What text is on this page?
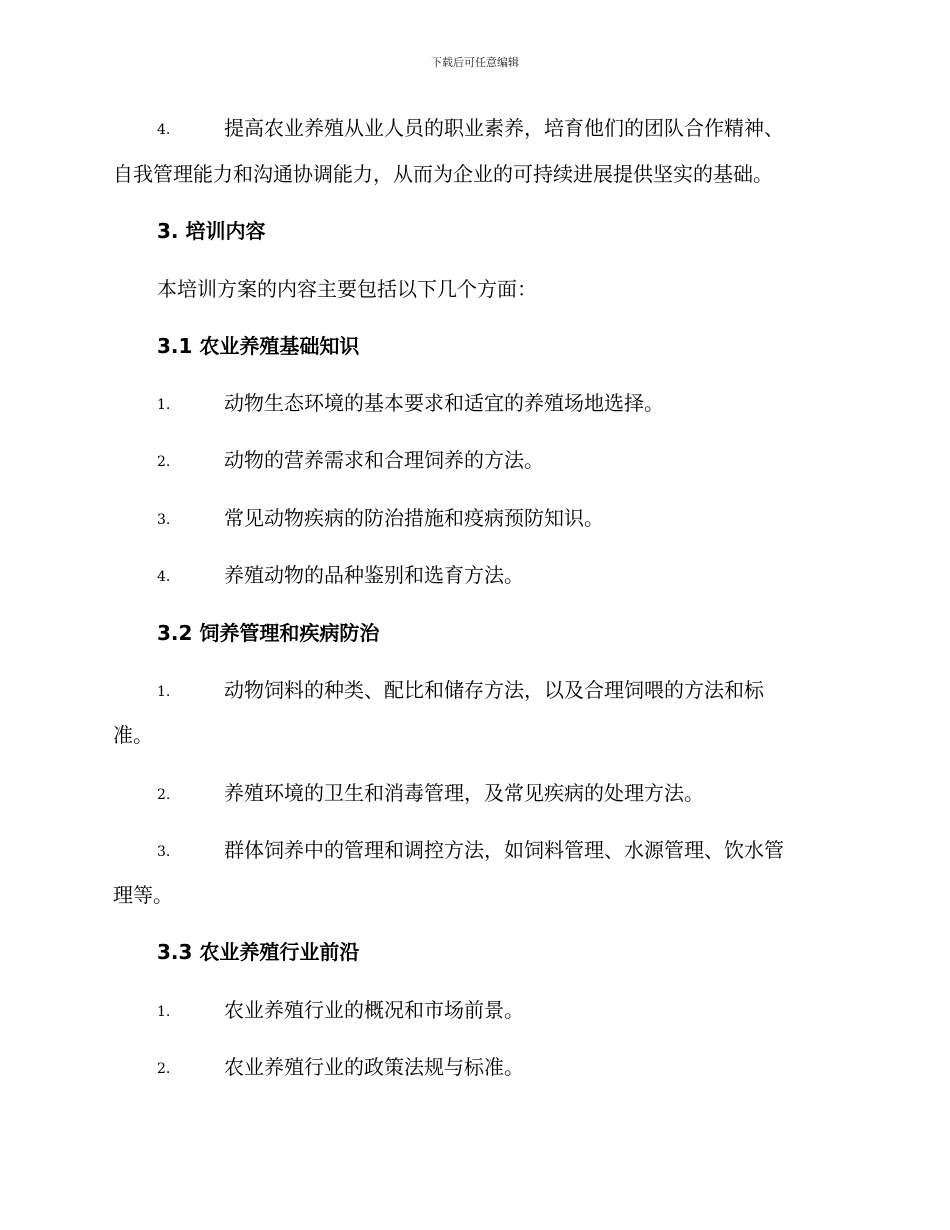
下载后可任意编辑
4.	提高农业养殖从业人员的职业素养，培育他们的团队合作精神、
自我管理能力和沟通协调能力，从而为企业的可持续进展提供坚实的基础。
3. 培训内容
本培训方案的内容主要包括以下几个方面：
3.1 农业养殖基础知识
1.	动物生态环境的基本要求和适宜的养殖场地选择。
2.	动物的营养需求和合理饲养的方法。
3.	常见动物疾病的防治措施和疫病预防知识。
4.	养殖动物的品种鉴别和选育方法。
3.2 饲养管理和疾病防治
1.	动物饲料的种类、配比和储存方法，以及合理饲喂的方法和标
准。
2.	养殖环境的卫生和消毒管理，及常见疾病的处理方法。
3.	群体饲养中的管理和调控方法，如饲料管理、水源管理、饮水管
理等。
3.3 农业养殖行业前沿
1.	农业养殖行业的概况和市场前景。
2.	农业养殖行业的政策法规与标准。
